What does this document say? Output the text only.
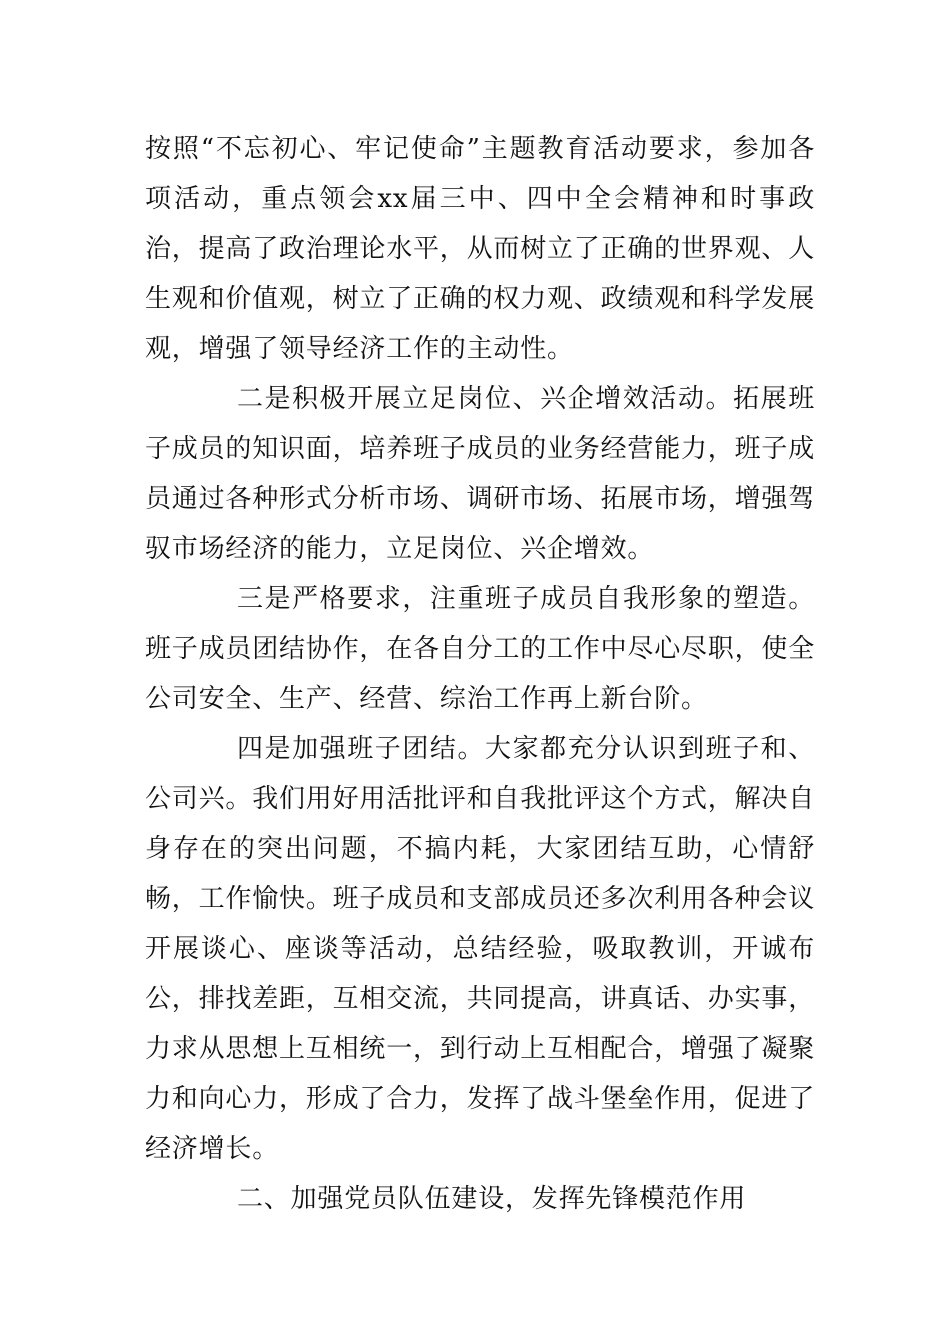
按照“不忘初心、牢记使命”主题教育活动要求，参加各项活动，重点领会xx届三中、四中全会精神和时事政治，提高了政治理论水平，从而树立了正确的世界观、人生观和价值观，树立了正确的权力观、政绩观和科学发展观，增强了领导经济工作的主动性。

二是积极开展立足岗位、兴企增效活动。拓展班子成员的知识面，培养班子成员的业务经营能力，班子成员通过各种形式分析市场、调研市场、拓展市场，增强驾驭市场经济的能力，立足岗位、兴企增效。

三是严格要求，注重班子成员自我形象的塑造。班子成员团结协作，在各自分工的工作中尽心尽职，使全公司安全、生产、经营、综治工作再上新台阶。

四是加强班子团结。大家都充分认识到班子和、公司兴。我们用好用活批评和自我批评这个方式，解决自身存在的突出问题，不搞内耗，大家团结互助，心情舒畅，工作愉快。班子成员和支部成员还多次利用各种会议开展谈心、座谈等活动，总结经验，吸取教训，开诚布公，排找差距，互相交流，共同提高，讲真话、办实事，力求从思想上互相统一，到行动上互相配合，增强了凝聚力和向心力，形成了合力，发挥了战斗堡垒作用，促进了经济增长。

二、加强党员队伍建设，发挥先锋模范作用
